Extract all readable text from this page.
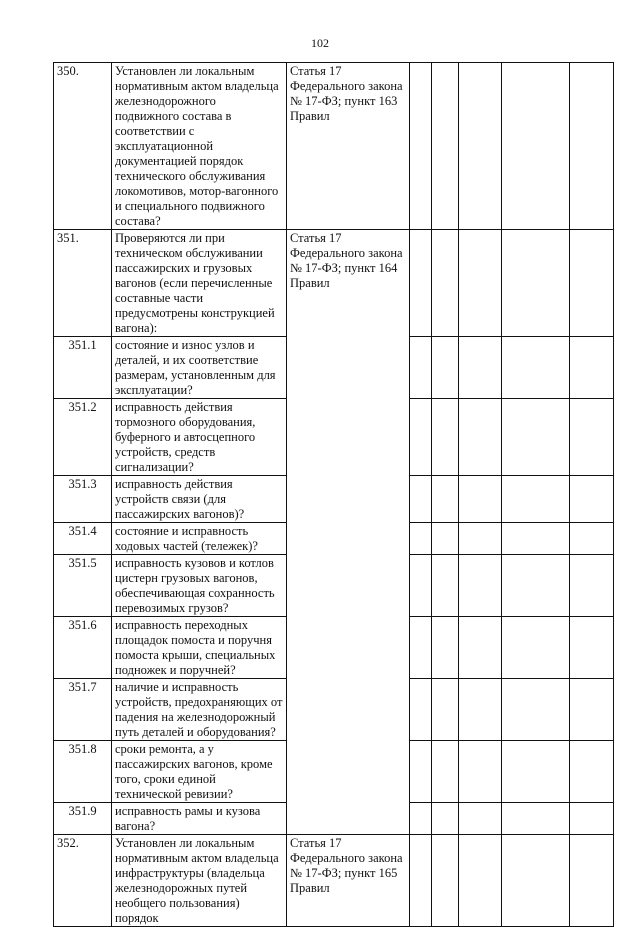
102
350.	Установлен ли локальным нормативным актом владельца железнодорожного подвижного состава в соответствии с эксплуатационной документацией порядок технического обслуживания локомотивов, мотор-вагонного и специального подвижного состава?	Статья 17 Федерального закона № 17-ФЗ; пункт 163 Правил					
351.	Проверяются ли при техническом обслуживании пассажирских и грузовых вагонов (если перечисленные составные части предусмотрены конструкцией вагона):	Статья 17 Федерального закона № 17-ФЗ; пункт 164 Правил					
351.1	состояние и износ узлов и деталей, и их соответствие размерам, установленным для эксплуатации?						
351.2	исправность действия тормозного оборудования, буферного и автосцепного устройств, средств сигнализации?						
351.3	исправность действия устройств связи (для пассажирских вагонов)?						
351.4	состояние и исправность ходовых частей (тележек)?						
351.5	исправность кузовов и котлов цистерн грузовых вагонов, обеспечивающая сохранность перевозимых грузов?						
351.6	исправность переходных площадок помоста и поручня помоста крыши, специальных подножек и поручней?						
351.7	наличие и исправность устройств, предохраняющих от падения на железнодорожный путь деталей и оборудования?						
351.8	сроки ремонта, а у пассажирских вагонов, кроме того, сроки единой технической ревизии?						
351.9	исправность рамы и кузова вагона?						
352.	Установлен ли локальным нормативным актом владельца инфраструктуры (владельца железнодорожных путей необщего пользования) порядок	Статья 17 Федерального закона № 17-ФЗ; пункт 165 Правил					
